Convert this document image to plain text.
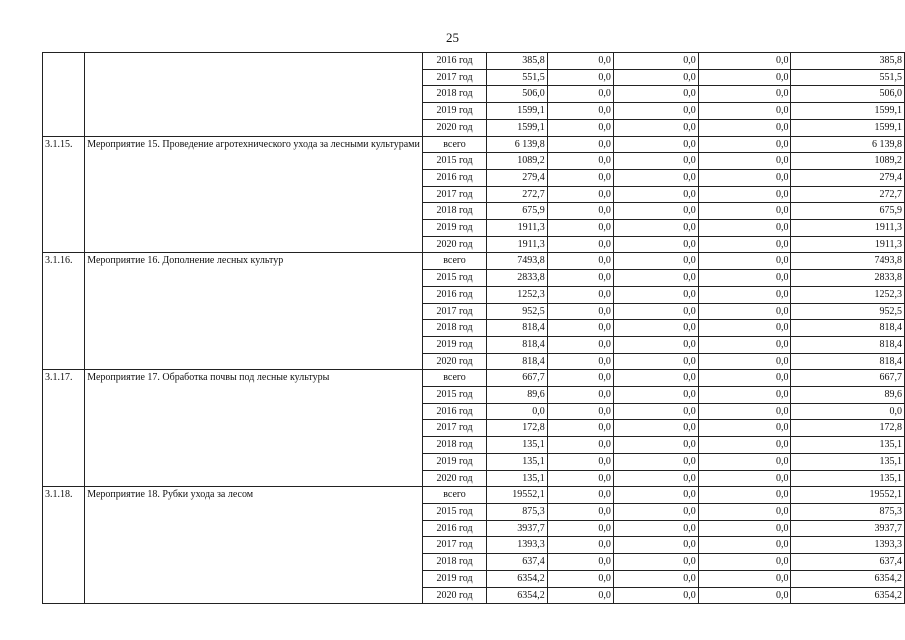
25
		2016 год	385,8	0,0	0,0	0,0	385,8
		2017 год	551,5	0,0	0,0	0,0	551,5
		2018 год	506,0	0,0	0,0	0,0	506,0
		2019 год	1599,1	0,0	0,0	0,0	1599,1
		2020 год	1599,1	0,0	0,0	0,0	1599,1
3.1.15.	Мероприятие 15. Проведение агротехнического ухода за лесными культурами	всего	6 139,8	0,0	0,0	0,0	6 139,8
		2015 год	1089,2	0,0	0,0	0,0	1089,2
		2016 год	279,4	0,0	0,0	0,0	279,4
		2017 год	272,7	0,0	0,0	0,0	272,7
		2018 год	675,9	0,0	0,0	0,0	675,9
		2019 год	1911,3	0,0	0,0	0,0	1911,3
		2020 год	1911,3	0,0	0,0	0,0	1911,3
3.1.16.	Мероприятие 16. Дополнение лесных культур	всего	7493,8	0,0	0,0	0,0	7493,8
		2015 год	2833,8	0,0	0,0	0,0	2833,8
		2016 год	1252,3	0,0	0,0	0,0	1252,3
		2017 год	952,5	0,0	0,0	0,0	952,5
		2018 год	818,4	0,0	0,0	0,0	818,4
		2019 год	818,4	0,0	0,0	0,0	818,4
		2020 год	818,4	0,0	0,0	0,0	818,4
3.1.17.	Мероприятие 17. Обработка почвы под лесные культуры	всего	667,7	0,0	0,0	0,0	667,7
		2015 год	89,6	0,0	0,0	0,0	89,6
		2016 год	0,0	0,0	0,0	0,0	0,0
		2017 год	172,8	0,0	0,0	0,0	172,8
		2018 год	135,1	0,0	0,0	0,0	135,1
		2019 год	135,1	0,0	0,0	0,0	135,1
		2020 год	135,1	0,0	0,0	0,0	135,1
3.1.18.	Мероприятие 18. Рубки ухода за лесом	всего	19552,1	0,0	0,0	0,0	19552,1
		2015 год	875,3	0,0	0,0	0,0	875,3
		2016 год	3937,7	0,0	0,0	0,0	3937,7
		2017 год	1393,3	0,0	0,0	0,0	1393,3
		2018 год	637,4	0,0	0,0	0,0	637,4
		2019 год	6354,2	0,0	0,0	0,0	6354,2
		2020 год	6354,2	0,0	0,0	0,0	6354,2
